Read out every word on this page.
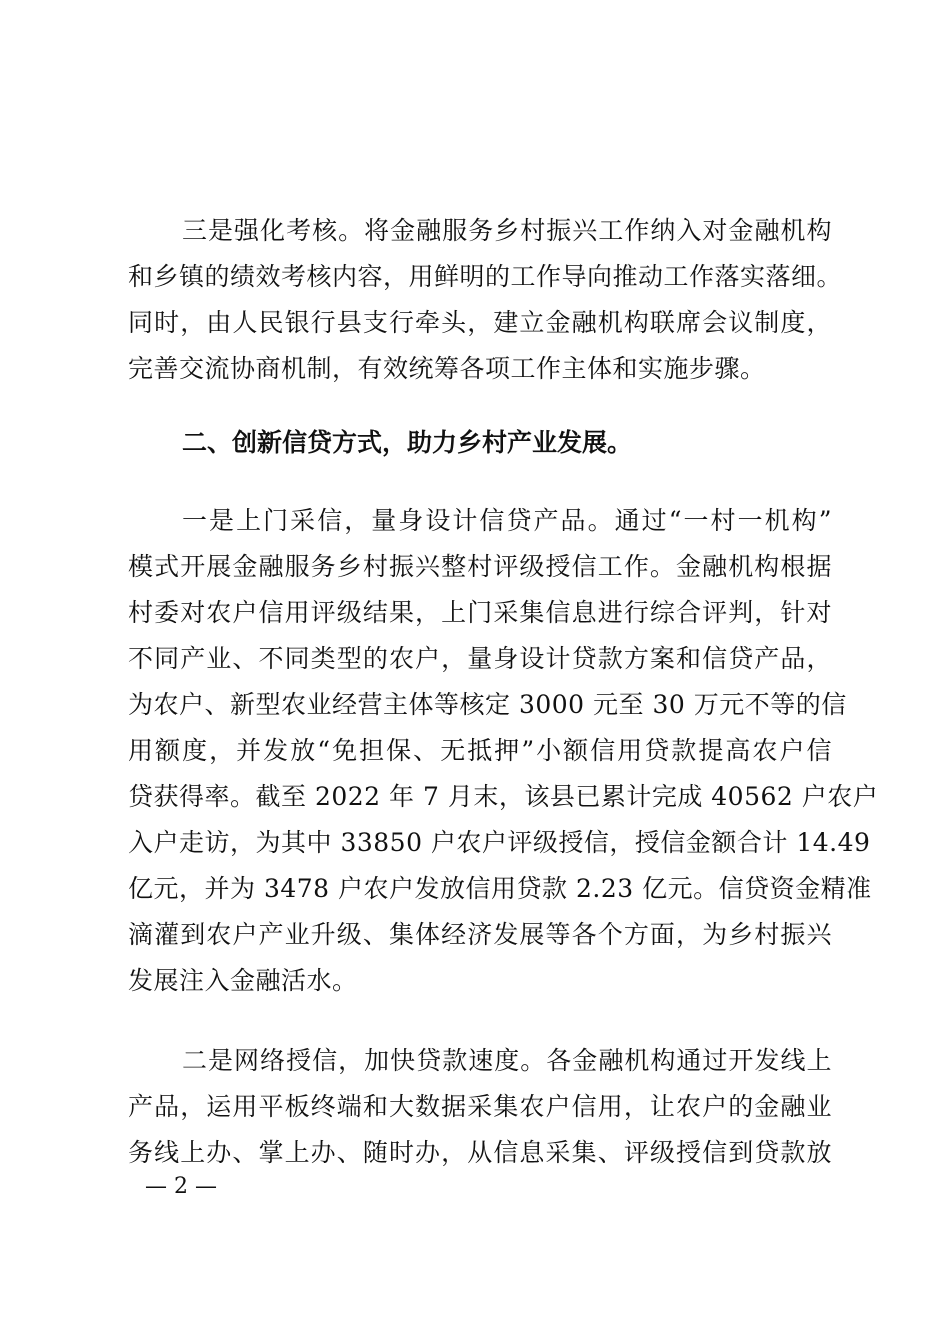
三是强化考核。将金融服务乡村振兴工作纳入对金融机构
和乡镇的绩效考核内容，用鲜明的工作导向推动工作落实落细。
同时，由人民银行县支行牵头，建立金融机构联席会议制度，
完善交流协商机制，有效统筹各项工作主体和实施步骤。
二、创新信贷方式，助力乡村产业发展。
一是上门采信，量身设计信贷产品。通过“一村一机构”
模式开展金融服务乡村振兴整村评级授信工作。金融机构根据
村委对农户信用评级结果，上门采集信息进行综合评判，针对
不同产业、不同类型的农户，量身设计贷款方案和信贷产品，
为农户、新型农业经营主体等核定 3000 元至 30 万元不等的信
用额度，并发放“免担保、无抵押”小额信用贷款提高农户信
贷获得率。截至 2022 年 7 月末，该县已累计完成 40562 户农户
入户走访，为其中 33850 户农户评级授信，授信金额合计 14.49
亿元，并为 3478 户农户发放信用贷款 2.23 亿元。信贷资金精准
滴灌到农户产业升级、集体经济发展等各个方面，为乡村振兴
发展注入金融活水。
二是网络授信，加快贷款速度。各金融机构通过开发线上
产品，运用平板终端和大数据采集农户信用，让农户的金融业
务线上办、掌上办、随时办，从信息采集、评级授信到贷款放
— 2 —
